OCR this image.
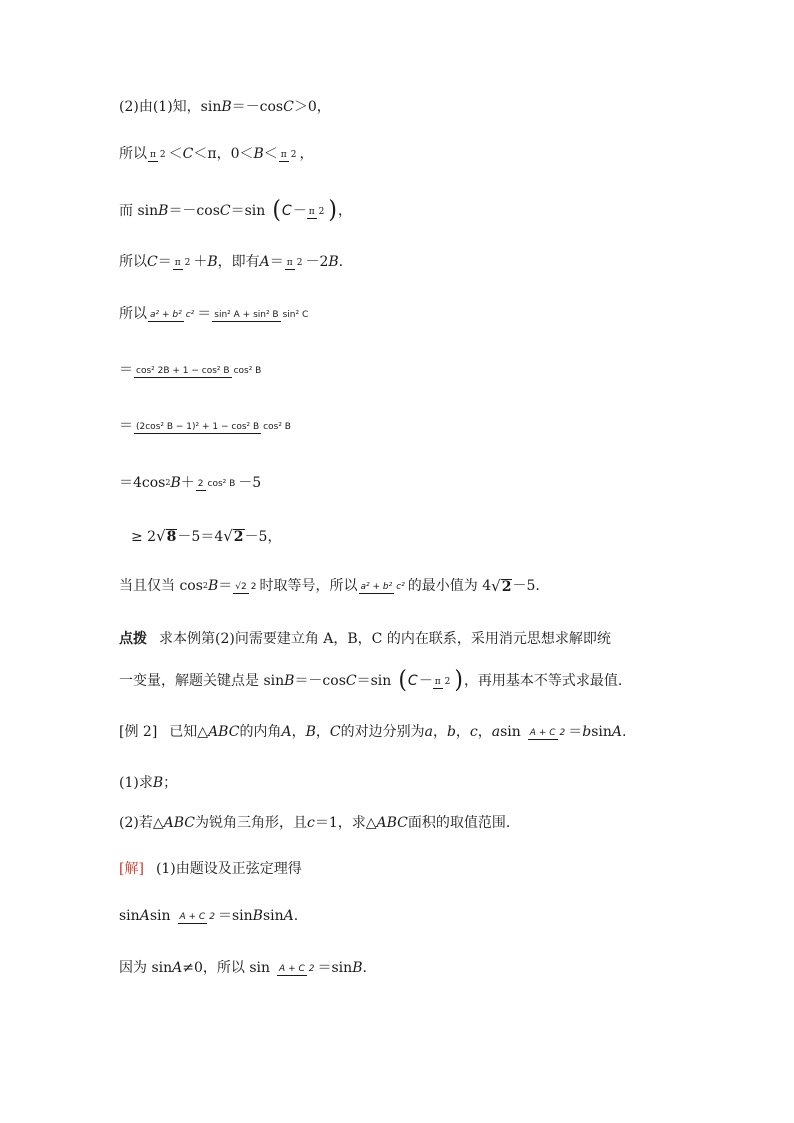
(2)由(1)知，sin B ＝－cos C ＞0，
所以 π 2 ＜ C ＜π，0＜ B ＜ π 2 ，
而 sin B ＝－cos C ＝sin ( C－ π 2 ) ，
所以 C ＝ π 2 ＋ B ，即有 A ＝ π 2 －2 B .
所以 a² + b² c² ＝ sin² A + sin² B sin² C
＝ cos² 2B + 1 − cos² B cos² B
＝ (2cos² B − 1)² + 1 − cos² B cos² B
＝4cos 2 B ＋ 2 cos² B －5
≥ 2 √8 －5＝4 √2 －5，
当且仅当 cos 2 B ＝ √2 2 时取等号，所以 a² + b² c² 的最小值为 4 √2 －5.
点拨 求本例第(2)问需要建立角 A，B，C 的内在联系，采用消元思想求解即统
一变量，解题关键点是 sin B ＝－cos C ＝sin ( C－ π 2 ) ，再用基本不等式求最值.
[例 2] 已知△ ABC 的内角 A ， B ， C 的对边分别为 a ， b ， c ， a sin A + C 2 ＝ b sin A .
(1)求 B ；
(2)若△ ABC 为锐角三角形，且 c ＝1，求△ ABC 面积的取值范围.
[解] (1)由题设及正弦定理得
sin A sin A + C 2 ＝sin B sin A .
因为 sin A ≠0，所以 sin A + C 2 ＝sin B .
